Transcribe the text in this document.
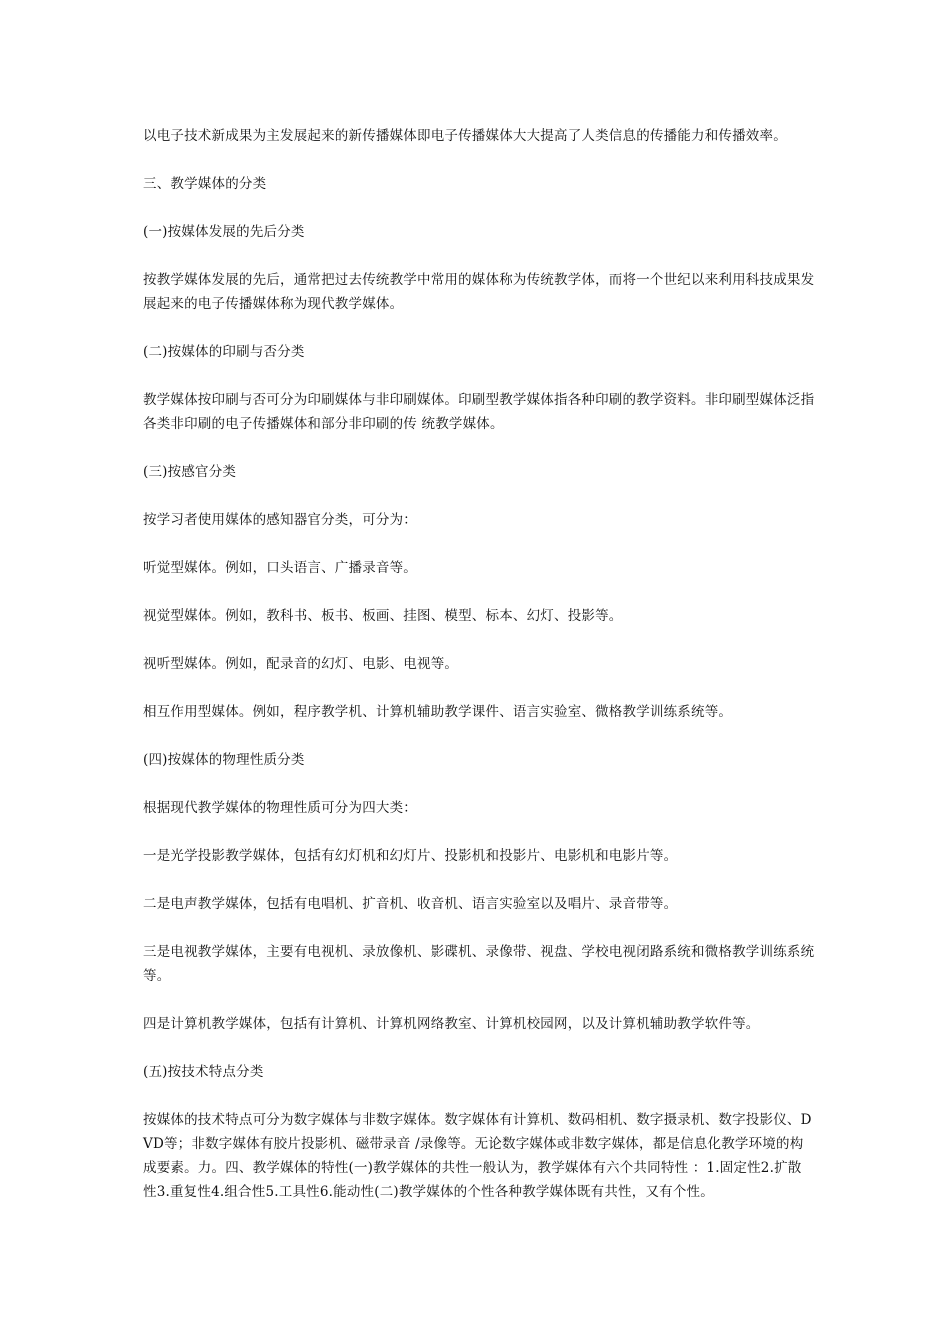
以电子技术新成果为主发展起来的新传播媒体即电子传播媒体大大提高了人类信息的传播能力和传播效率。

三、教学媒体的分类

(一)按媒体发展的先后分类

按教学媒体发展的先后，通常把过去传统教学中常用的媒体称为传统教学体，而将一个世纪以来利用科技成果发展起来的电子传播媒体称为现代教学媒体。

(二)按媒体的印刷与否分类

教学媒体按印刷与否可分为印刷媒体与非印刷媒体。印刷型教学媒体指各种印刷的教学资料。非印刷型媒体泛指各类非印刷的电子传播媒体和部分非印刷的传 统教学媒体。

(三)按感官分类

按学习者使用媒体的感知器官分类，可分为：

听觉型媒体。例如，口头语言、广播录音等。

视觉型媒体。例如，教科书、板书、板画、挂图、模型、标本、幻灯、投影等。

视听型媒体。例如，配录音的幻灯、电影、电视等。

相互作用型媒体。例如，程序教学机、计算机辅助教学课件、语言实验室、微格教学训练系统等。

(四)按媒体的物理性质分类

根据现代教学媒体的物理性质可分为四大类：

一是光学投影教学媒体，包括有幻灯机和幻灯片、投影机和投影片、电影机和电影片等。

二是电声教学媒体，包括有电唱机、扩音机、收音机、语言实验室以及唱片、录音带等。

三是电视教学媒体，主要有电视机、录放像机、影碟机、录像带、视盘、学校电视闭路系统和微格教学训练系统等。

四是计算机教学媒体，包括有计算机、计算机网络教室、计算机校园网，以及计算机辅助教学软件等。

(五)按技术特点分类

按媒体的技术特点可分为数字媒体与非数字媒体。数字媒体有计算机、数码相机、数字摄录机、数字投影仪、DVD等；非数字媒体有胶片投影机、磁带录音 /录像等。无论数字媒体或非数字媒体，都是信息化教学环境的构成要素。力。四、教学媒体的特性(一)教学媒体的共性一般认为，教学媒体有六个共同特性 ：1.固定性2.扩散性3.重复性4.组合性5.工具性6.能动性(二)教学媒体的个性各种教学媒体既有共性，又有个性。
